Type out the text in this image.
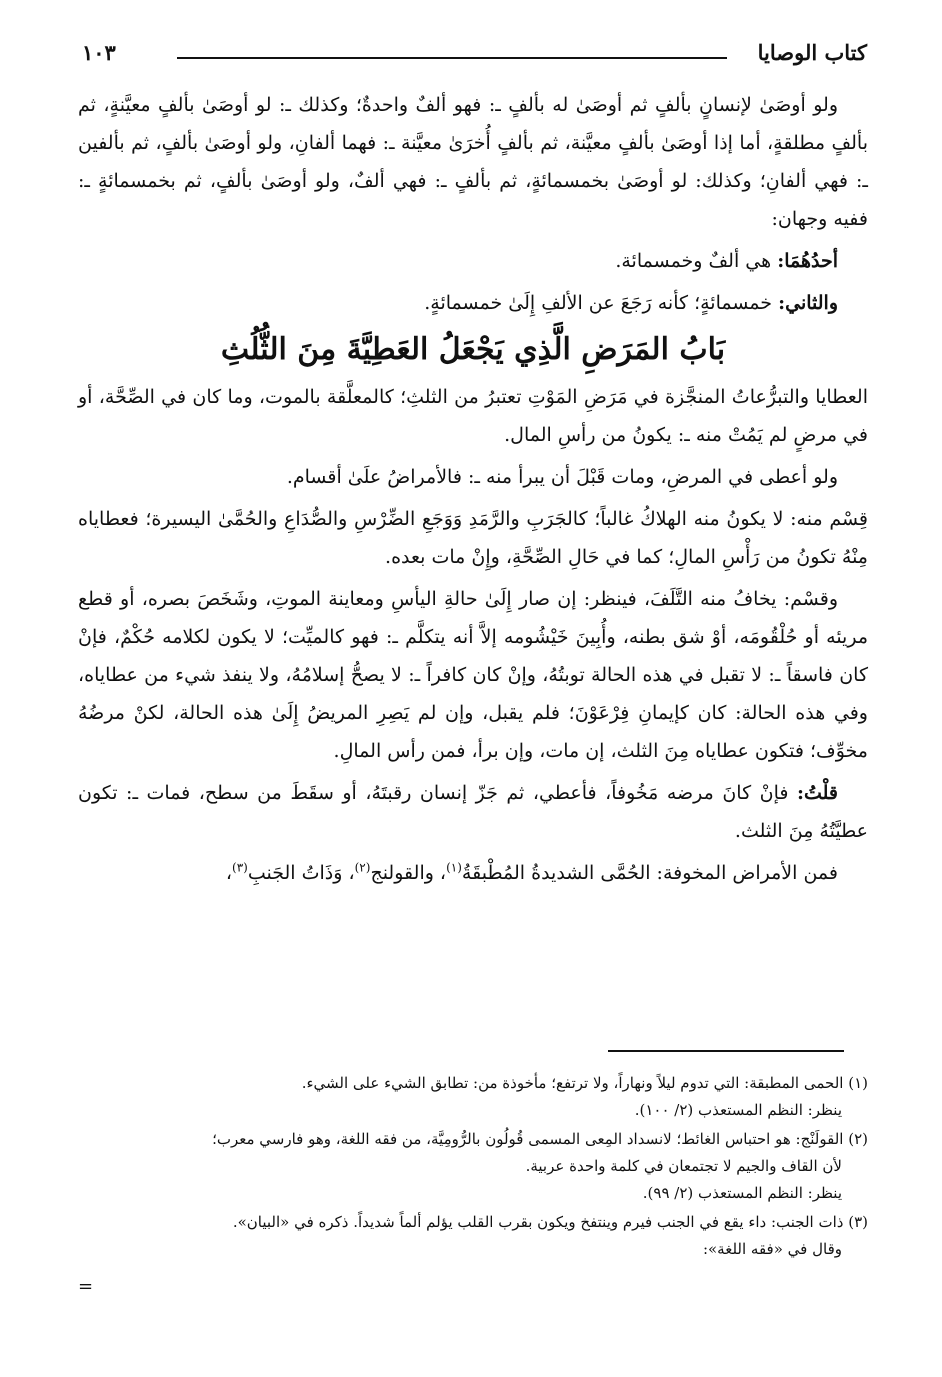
كتاب الوصايا
١٠٣

ولو أوصَىٰ لإنسانٍ بألفٍ ثم أوصَىٰ له بألفٍ ـ: فهو ألفٌ واحدةٌ؛ وكذلك ـ: لو أوصَىٰ بألفٍ معيَّنةٍ، ثم بألفٍ مطلقةٍ، أما إذا أوصَىٰ بألفٍ معيَّنة، ثم بألفٍ أُخرَىٰ معيَّنة ـ: فهما ألفانِ، ولو أوصَىٰ بألفٍ، ثم بألفين ـ: فهي ألفانِ؛ وكذلك: لو أوصَىٰ بخمسمائةٍ، ثم بألفٍ ـ: فهي ألفٌ، ولو أوصَىٰ بألفٍ، ثم بخمسمائةٍ ـ: ففيه وجهان:

أحدُهُمَا: هي ألفٌ وخمسمائة.

والثاني: خمسمائةٍ؛ كأنه رَجَعَ عن الألفِ إِلَىٰ خمسمائةٍ.

بَابُ المَرَضِ الَّذِي يَجْعَلُ العَطِيَّةَ مِنَ الثُّلُثِ

العطايا والتبرُّعاتُ المنجَّزة في مَرَضِ المَوْتِ تعتبرُ من الثلثِ؛ كالمعلَّقة بالموت، وما كان في الصِّحَّة، أو في مرضٍ لم يَمُتْ منه ـ: يكونُ من رأسِ المال.

ولو أعطى في المرضِ، ومات قَبْلَ أن يبرأ منه ـ: فالأمراضُ علَىٰ أقسام.

قِسْم منه: لا يكونُ منه الهلاكُ غالباً؛ كالجَرَبِ والرَّمَدِ وَوَجَعِ الضِّرْسِ والصُّدَاعِ والحُمَّىٰ اليسيرة؛ فعطاياه مِنْهُ تكونُ من رَأْسِ المالِ؛ كما في حَالِ الصِّحَّةِ، وإِنْ مات بعده.

وقسْم: يخافُ منه التَّلَفَ، فينظر: إن صار إِلَىٰ حالةِ اليأسِ ومعاينة الموتِ، وشَخَصَ بصره، أو قطع مريئه أو حُلْقُومَه، أوْ شق بطنه، وأُبِينَ خَيْشُومه إلاَّ أنه يتكلَّم ـ: فهو كالميِّت؛ لا يكون لكلامه حُكْمٌ، فإنْ كان فاسقاً ـ: لا تقبل في هذه الحالة توبتُهُ، وإنْ كان كافراً ـ: لا يصحُّ إسلامُهُ، ولا ينفذ شيء من عطاياه، وفي هذه الحالة: كان كإيمانِ فِرْعَوْنَ؛ فلم يقبل، وإن لم يَصِرِ المريضُ إِلَىٰ هذه الحالة، لكنْ مرضُهُ مخوِّف؛ فتكون عطاياه مِنَ الثلث، إن مات، وإن برأ، فمن رأس المالِ.

قلْتُ: فإنْ كانَ مرضه مَخُوفاً، فأعطي، ثم جَزّ إنسان رقبتَهُ، أو سقَطَ من سطح، فمات ـ: تكون عطيَّتُهُ مِنَ الثلث.

فمن الأمراض المخوفة: الحُمَّى الشديدةُ المُطْبقَةُ$^{(١)}$، والقولنج$^{(٢)}$، وَذَاتُ الجَنبِ$^{(٣)}$،

(١) الحمى المطبقة: التي تدوم ليلاً ونهاراً، ولا ترتفع؛ مأخوذة من: تطابق الشيء على الشيء.

ينظر: النظم المستعذب (٢/ ١٠٠).

(٢) القولَنْج: هو احتباس الغائط؛ لانسداد المِعى المسمى قُولُون بالرُّومِيَّة، من فقه اللغة، وهو فارسي معرب؛

لأن القاف والجيم لا تجتمعان في كلمة واحدة عربية.

ينظر: النظم المستعذب (٢/ ٩٩).

(٣) ذات الجنب: داء يقع في الجنب فيرم وينتفخ ويكون بقرب القلب يؤلم ألماً شديداً. ذكره في «البيان».

وقال في «فقه اللغة»:

=
